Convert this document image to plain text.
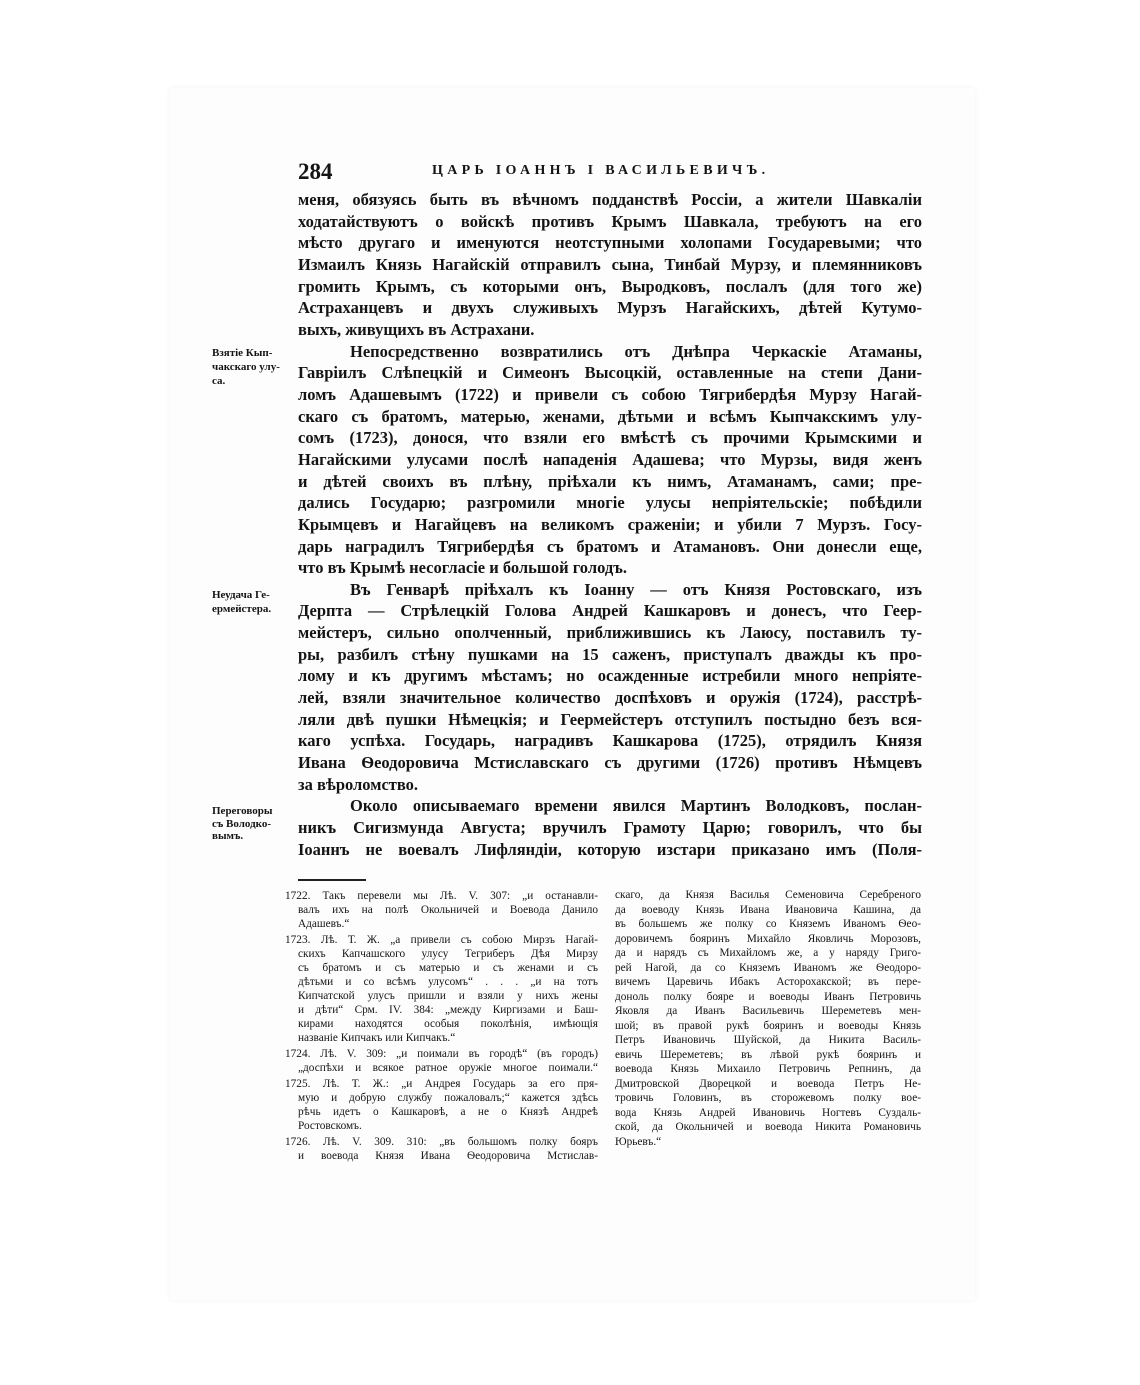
284	ЦАРЬ ІОАННЪ І ВАСИЛЬЕВИЧЪ.
меня, обязуясь быть въ вѣчномъ подданствѣ Россіи, а жители Шавкаліи
ходатайствуютъ о войскѣ противъ Крымъ Шавкала, требуютъ на его
мѣсто другаго и именуются неотступными холопами Государевыми; что
Измаилъ Князь Нагайскій отправилъ сына, Тинбай Мурзу, и племянниковъ
громить Крымъ, съ которыми онъ, Выродковъ, послалъ (для того же)
Астраханцевъ и двухъ служивыхъ Мурзъ Нагайскихъ, дѣтей Кутумо-
выхъ, живущихъ въ Астрахани.
Непосредственно возвратились отъ Днѣпра Черкаскіе Атаманы,
Гавріилъ Слѣпецкій и Симеонъ Высоцкій, оставленные на степи Дани-
ломъ Адашевымъ (1722) и привели съ собою Тягрибердѣя Мурзу Нагай-
скаго съ братомъ, матерью, женами, дѣтьми и всѣмъ Кыпчакскимъ улу-
сомъ (1723), донося, что взяли его вмѣстѣ съ прочими Крымскими и
Нагайскими улусами послѣ нападенія Адашева; что Мурзы, видя женъ
и дѣтей своихъ въ плѣну, пріѣхали къ нимъ, Атаманамъ, сами; пре-
дались Государю; разгромили многіе улусы непріятельскіе; побѣдили
Крымцевъ и Нагайцевъ на великомъ сраженіи; и убили 7 Мурзъ. Госу-
дарь наградилъ Тягрибердѣя съ братомъ и Атамановъ. Они донесли еще,
что въ Крымѣ несогласіе и большой голодъ.
Въ Генварѣ пріѣхалъ къ Іоанну — отъ Князя Ростовскаго, изъ
Дерпта — Стрѣлецкій Голова Андрей Кашкаровъ и донесъ, что Геер-
мейстеръ, сильно ополченный, приближившись къ Лаюсу, поставилъ ту-
ры, разбилъ стѣну пушками на 15 саженъ, приступалъ дважды къ про-
лому и къ другимъ мѣстамъ; но осажденные истребили много непріяте-
лей, взяли значительное количество доспѣховъ и оружія (1724), расстрѣ-
ляли двѣ пушки Нѣмецкія; и Геермейстеръ отступилъ постыдно безъ вся-
каго успѣха. Государь, наградивъ Кашкарова (1725), отрядилъ Князя
Ивана Ѳеодоровича Мстиславскаго съ другими (1726) противъ Нѣмцевъ
за вѣроломство.
Около описываемаго времени явился Мартинъ Володковъ, послан-
никъ Сигизмунда Августа; вручилъ Грамоту Царю; говорилъ, что бы
Іоаннъ не воевалъ Лифляндіи, которую изстари приказано имъ (Поля-
Взятіе Кып-
чакскаго улу-
са.
Неудача Ге-
ермейстера.
Переговоры
съ Володко-
вымъ.
1722. Такъ перевели мы Лѣ. V. 307: „и останавли-
валъ ихъ на полѣ Окольничей и Воевода Данило
Адашевъ.“
1723. Лѣ. Т. Ж. „а привели съ собою Мирзъ Нагай-
скихъ Капчашского улусу Тегриберъ Дѣя Мирзу
съ братомъ и съ матерью и съ женами и съ
дѣтьми и со всѣмъ улусомъ“ . . . „и на тотъ
Кипчатской улусъ пришли и взяли у нихъ жены
и дѣти“ Срм. IV. 384: „между Киргизами и Баш-
кирами находятся особыя поколѣнія, имѣющія
названіе Кипчакъ или Кипчакъ.“
1724. Лѣ. V. 309: „и поимали въ городѣ“ (въ городъ)
„доспѣхи и всякое ратное оружіе многое поимали.“
1725. Лѣ. Т. Ж.: „и Андрея Государь за его пря-
мую и добрую службу пожаловалъ;“ кажется здѣсь
рѣчь идетъ о Кашкаровѣ, а не о Князѣ Андреѣ
Ростовскомъ.
1726. Лѣ. V. 309. 310: „въ большомъ полку бояръ
и воевода Князя Ивана Ѳеодоровича Мстислав-
скаго, да Князя Василья Семеновича Серебреного
да воеводу Князь Ивана Ивановича Кашина, да
въ большемъ же полку со Княземъ Иваномъ Ѳео-
доровичемъ бояринъ Михайло Яковличь Морозовъ,
да и нарядъ съ Михайломъ же, а у наряду Григо-
рей Нагой, да со Княземъ Иваномъ же Ѳеодоро-
вичемъ Царевичь Ибакъ Асторохакской; въ пере-
доноль полку бояре и воеводы Иванъ Петровичь
Яковля да Иванъ Васильевичь Шереметевъ мен-
шой; въ правой рукѣ бояринъ и воеводы Князь
Петръ Ивановичь Шуйской, да Никита Василь-
евичь Шереметевъ; въ лѣвой рукѣ бояринъ и
воевода Князь Михаило Петровичь Репнинъ, да
Дмитровской Дворецкой и воевода Петръ Не-
тровичь Головинъ, въ сторожевомъ полку вое-
вода Князь Андрей Ивановичь Ногтевъ Суздаль-
ской, да Окольничей и воевода Никита Романовичь
Юрьевъ.“
